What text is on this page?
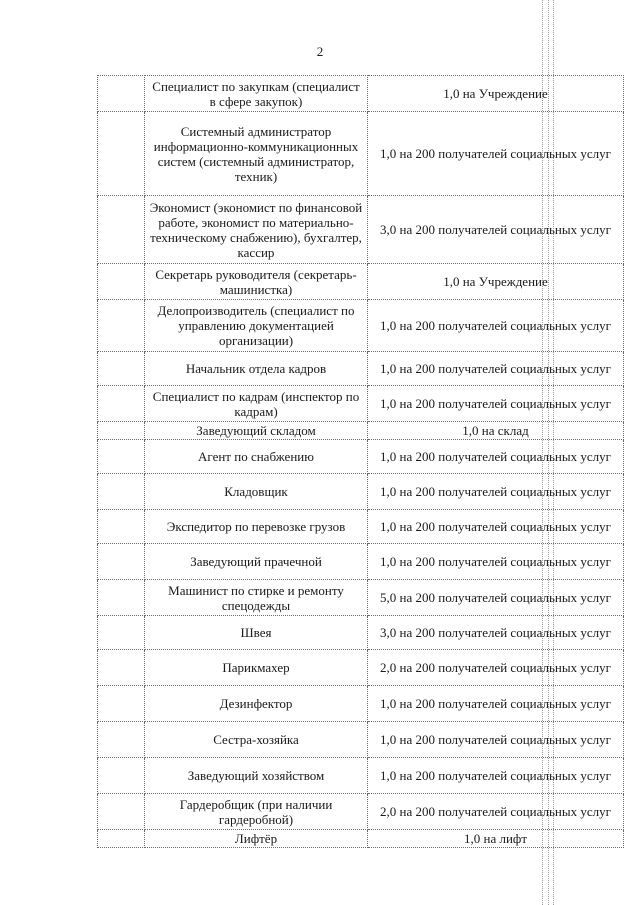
2
	Специалист по закупкам (специалист в сфере закупок)	1,0 на Учреждение

	Системный администратор информационно-коммуникационных систем (системный администратор, техник)	1,0 на 200 получателей социальных услуг

	Экономист (экономист по финансовой работе, экономист по материально-техническому снабжению), бухгалтер, кассир	3,0 на 200 получателей социальных услуг

	Секретарь руководителя (секретарь-машинистка)	1,0 на Учреждение

	Делопроизводитель (специалист по управлению документацией организации)	1,0 на 200 получателей социальных услуг

	Начальник отдела кадров	1,0 на 200 получателей социальных услуг

	Специалист по кадрам (инспектор по кадрам)	1,0 на 200 получателей социальных услуг

	Заведующий складом	1,0 на склад

	Агент по снабжению	1,0 на 200 получателей социальных услуг

	Кладовщик	1,0 на 200 получателей социальных услуг

	Экспедитор по перевозке грузов	1,0 на 200 получателей социальных услуг

	Заведующий прачечной	1,0 на 200 получателей социальных услуг

	Машинист по стирке и ремонту спецодежды	5,0 на 200 получателей социальных услуг

	Швея	3,0 на 200 получателей социальных услуг

	Парикмахер	2,0 на 200 получателей социальных услуг

	Дезинфектор	1,0 на 200 получателей социальных услуг

	Сестра-хозяйка	1,0 на 200 получателей социальных услуг

	Заведующий хозяйством	1,0 на 200 получателей социальных услуг

	Гардеробщик (при наличии гардеробной)	2,0 на 200 получателей социальных услуг

	Лифтёр	1,0 на лифт
